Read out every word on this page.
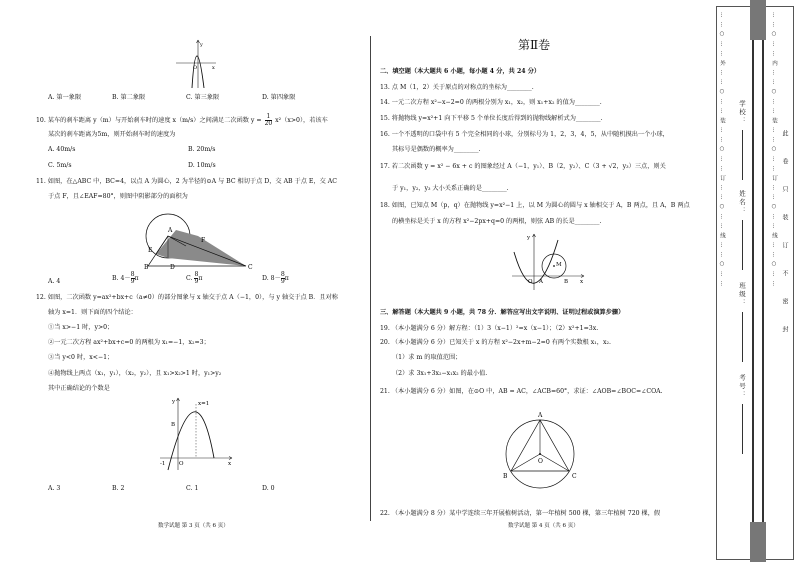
y
O	x
A. 第一象限	B. 第二象限	C. 第三象限	D. 第四象限
10. 某车的刹车距离 y（m）与开始刹车时的速度 x（m/s）之间满足二次函数 $y = \frac{1}{20} x^2(x>0)$，若该车
某次的刹车距离为5m，则开始刹车时的速度为
A. 40m/s	B. 20m/s
C. 5m/s	D. 10m/s
11. 如图，在△ABC 中，BC=4，以点 A 为圆心，2 为半径的⊙A 与 BC 相切于点 D，交 AB 于点 E，交 AC
于点 F，且∠EAF=80°，则图中阴影部分的面积为
A
E
F
B	D	C
A. 4	B. $4- \frac{8}{9}$ π	C. $\frac{8}{9}$ π	D. $8- \frac{8}{9}$ π
12. 如图，二次函数 y=ax²+bx+c（a≠0）的部分图象与 x 轴交于点 A（−1，0），与 y 轴交于点 B．且对称
轴为 x=1．则下面的四个结论：
①当 x>−1 时，y>0；
②一元二次方程 ax²+bx+c=0 的两根为 x₁=−1，x₂=3；
③当 y<0 时，x<−1；
④抛物线上两点（x₁，y₁），（x₂，y₂），且 x₁>x₂>1 时，y₁>y₂
其中正确结论的个数是
y	x=1
B
-1 O	x
A. 3	B. 2	C. 1	D. 0
数学试题 第 3 页（共 6 页）
第Ⅱ卷
二、填空题（本大题共 6 小题，每小题 4 分，共 24 分）
13. 点 M（1，2）关于原点的对称点的坐标为________.
14. 一元二次方程 x²−x−2=0 的两根分别为 x₁，x₂，则 x₁+x₂ 的值为________.
15. 将抛物线 y=x²+1 向下平移 5 个单位长度后得到的抛物线解析式为________.
16. 一个不透明的口袋中有 5 个完全相同的小球，分别标号为 1，2，3，4，5，从中随机摸出一个小球，
其标号是偶数的概率为________.
17. 若二次函数 y = x² − 6x + c 的图象经过 A（−1，y₁）、B（2，y₂）、C（3 + √2，y₃）三点，则关
于 y₁，y₂，y₃ 大小关系正确的是________.
18. 如图，已知点 M（p，q）在抛物线 y=x²−1 上，以 M 为圆心的圆与 x 轴相交于 A，B 两点，且 A，B 两点
的横坐标是关于 x 的方程 x²−2px+q=0 的两根，则弦 AB 的长是________.
y
M
O A	B x
三、解答题（本大题共 9 小题，共 78 分．解答应写出文字说明、证明过程或演算步骤）
19. （本小题满分 6 分）解方程：（1）3（x−1）²=x（x−1）；（2）x²+1=3x.
20. （本小题满分 6 分）已知关于 x 的方程 x²−2x+m−2=0 有两个实数根 x₁，x₂.
（1）求 m 的取值范围；
（2）求 3x₁+3x₂−x₁x₂ 的最小值.
21. （本小题满分 6 分）如图，在⊙O 中，AB = AC，∠ACB=60°，求证：∠AOB=∠BOC=∠COA.
A
O
B	C
22. （本小题满分 8 分）某中学连续三年开展植树活动，第一年植树 500 棵，第三年植树 720 棵，假
数学试题 第 4 页（共 6 页）
……○……外……○……装……○……订……○……线……○……	……○……内……○……装……○……订……○……线……○…… 此卷只装订不密封
学校：
姓名：
班级：
考号：
